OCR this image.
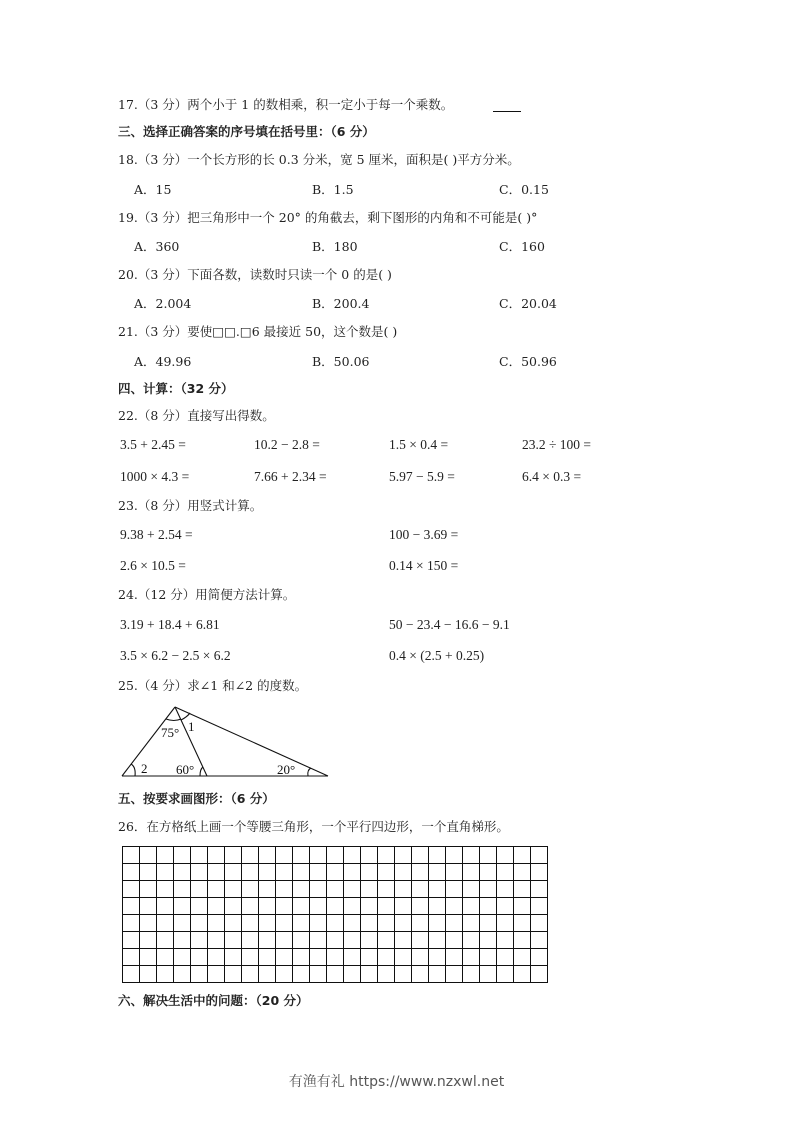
17.（3 分）两个小于 1 的数相乘，积一定小于每一个乘数。
三、选择正确答案的序号填在括号里：（6 分）
18.（3 分）一个长方形的长 0.3 分米，宽 5 厘米，面积是( )平方分米。
A．15	B．1.5	C．0.15
19.（3 分）把三角形中一个 20° 的角截去，剩下图形的内角和不可能是( )°
A．360	B．180	C．160
20.（3 分）下面各数，读数时只读一个 0 的是( )
A．2.004	B．200.4	C．20.04
21.（3 分）要使□□.□6 最接近 50，这个数是( )
A．49.96	B．50.06	C．50.96
四、计算：（32 分）
22.（8 分）直接写出得数。
3.5 + 2.45 =	10.2 − 2.8 =	1.5 × 0.4 =	23.2 ÷ 100 =
1000 × 4.3 =	7.66 + 2.34 =	5.97 − 5.9 =	6.4 × 0.3 =
23.（8 分）用竖式计算。
9.38 + 2.54 =	100 − 3.69 =
2.6 × 10.5 =	0.14 × 150 =
24.（12 分）用简便方法计算。
3.19 + 18.4 + 6.81	50 − 23.4 − 16.6 − 9.1
3.5 × 6.2 − 2.5 × 6.2	0.4 × (2.5 + 0.25)
25.（4 分）求∠1 和∠2 的度数。
75° 1
2 60°	20°
五、按要求画图形：（6 分）
26．在方格纸上画一个等腰三角形，一个平行四边形，一个直角梯形。

六、解决生活中的问题：（20 分）
有渔有礼 https://www.nzxwl.net
